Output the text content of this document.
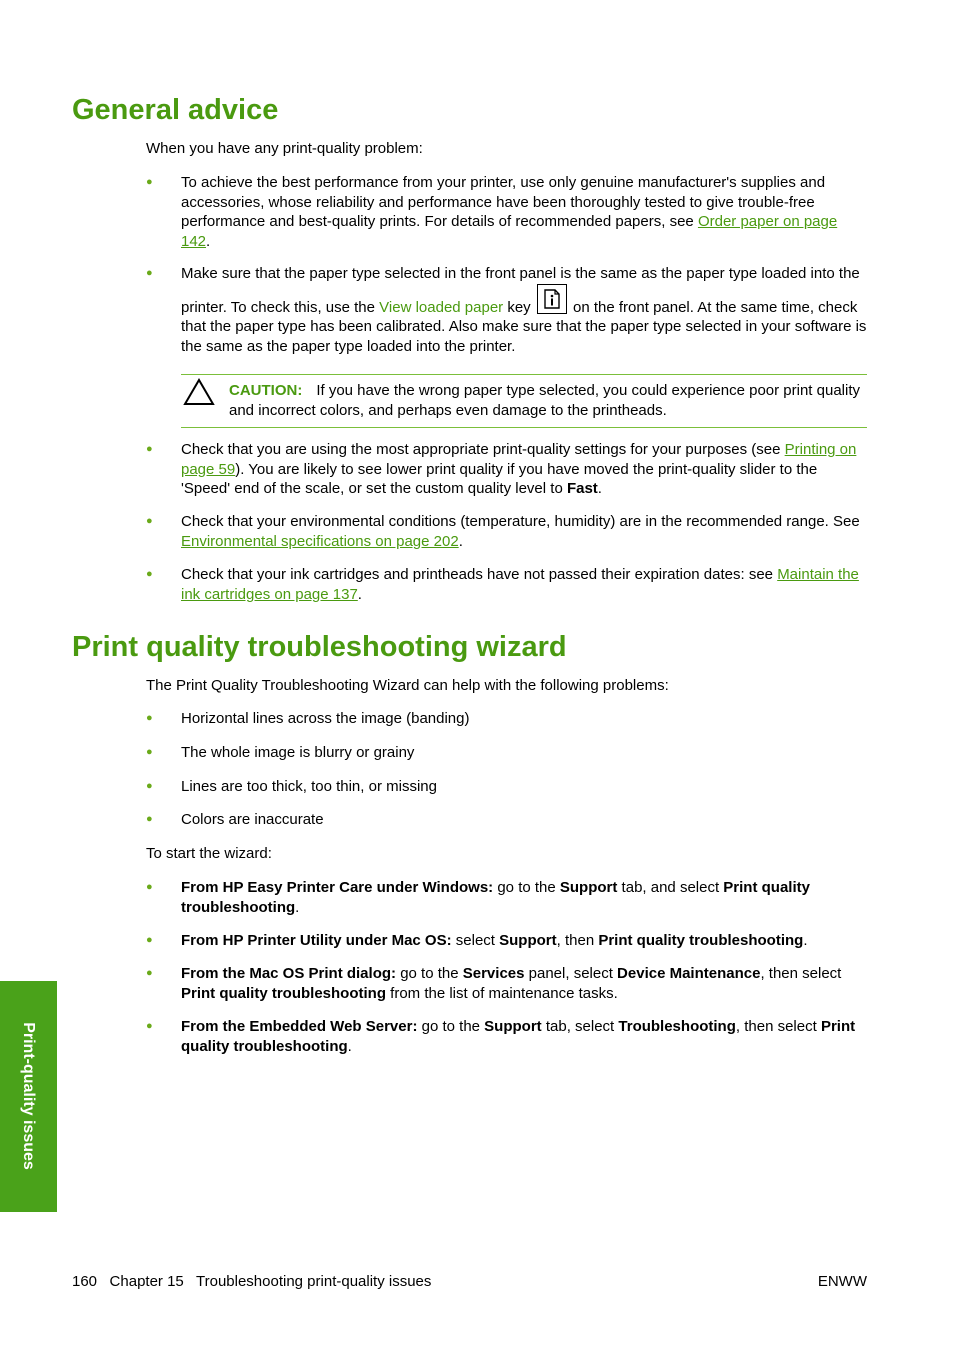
General advice

When you have any print-quality problem:

●	To achieve the best performance from your printer, use only genuine manufacturer's supplies and accessories, whose reliability and performance have been thoroughly tested to give trouble-free performance and best-quality prints. For details of recommended papers, see Order paper on page 142.
●	Make sure that the paper type selected in the front panel is the same as the paper type loaded into the printer. To check this, use the View loaded paper key
on the front panel. At the same time, check that the paper type has been calibrated. Also make sure that the paper type selected in your software is the same as the paper type loaded into the printer.
CAUTION: If you have the wrong paper type selected, you could experience poor print quality and incorrect colors, and perhaps even damage to the printheads.
●	Check that you are using the most appropriate print-quality settings for your purposes (see Printing on page 59). You are likely to see lower print quality if you have moved the print-quality slider to the 'Speed' end of the scale, or set the custom quality level to Fast.
●	Check that your environmental conditions (temperature, humidity) are in the recommended range. See Environmental specifications on page 202.
●	Check that your ink cartridges and printheads have not passed their expiration dates: see Maintain the ink cartridges on page 137.
Print quality troubleshooting wizard

The Print Quality Troubleshooting Wizard can help with the following problems:

●	Horizontal lines across the image (banding)
●	The whole image is blurry or grainy
●	Lines are too thick, too thin, or missing
●	Colors are inaccurate

To start the wizard:

●	From HP Easy Printer Care under Windows: go to the Support tab, and select Print quality troubleshooting.
●	From HP Printer Utility under Mac OS: select Support, then Print quality troubleshooting.
●	From the Mac OS Print dialog: go to the Services panel, select Device Maintenance, then select Print quality troubleshooting from the list of maintenance tasks.
●	From the Embedded Web Server: go to the Support tab, select Troubleshooting, then select Print quality troubleshooting.
Print-quality issues
160 Chapter 15 Troubleshooting print-quality issues	ENWW
